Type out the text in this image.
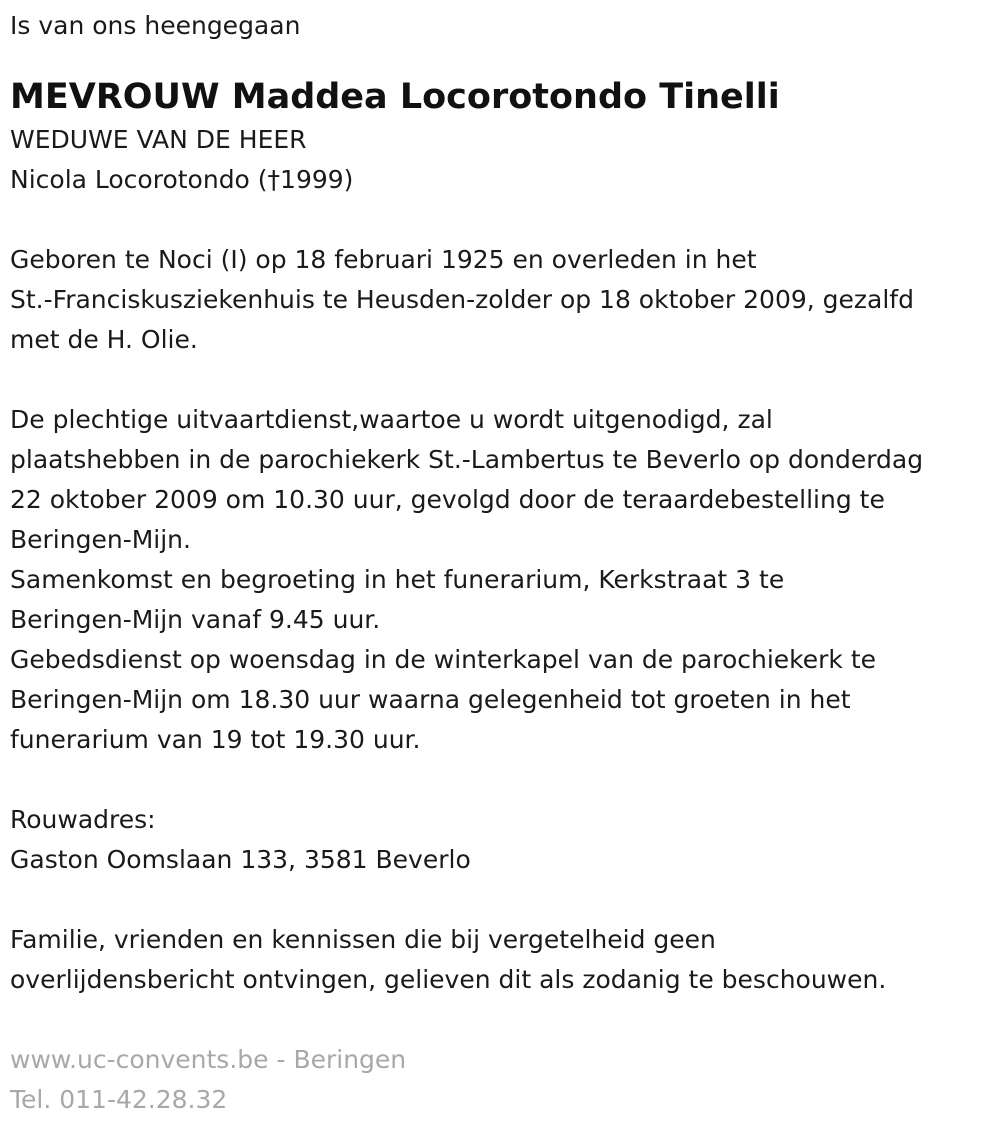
Is van ons heengegaan

MEVROUW Maddea Locorotondo Tinelli

WEDUWE VAN DE HEER

Nicola Locorotondo (†1999)

Geboren te Noci (I) op 18 februari 1925 en overleden in het

St.-Franciskusziekenhuis te Heusden-zolder op 18 oktober 2009, gezalfd

met de H. Olie.

De plechtige uitvaartdienst,waartoe u wordt uitgenodigd, zal

plaatshebben in de parochiekerk St.-Lambertus te Beverlo op donderdag

22 oktober 2009 om 10.30 uur, gevolgd door de teraardebestelling te

Beringen-Mijn.

Samenkomst en begroeting in het funerarium, Kerkstraat 3 te

Beringen-Mijn vanaf 9.45 uur.

Gebedsdienst op woensdag in de winterkapel van de parochiekerk te

Beringen-Mijn om 18.30 uur waarna gelegenheid tot groeten in het

funerarium van 19 tot 19.30 uur.

Rouwadres:

Gaston Oomslaan 133, 3581 Beverlo

Familie, vrienden en kennissen die bij vergetelheid geen

overlijdensbericht ontvingen, gelieven dit als zodanig te beschouwen.

www.uc-convents.be - Beringen

Tel. 011-42.28.32
